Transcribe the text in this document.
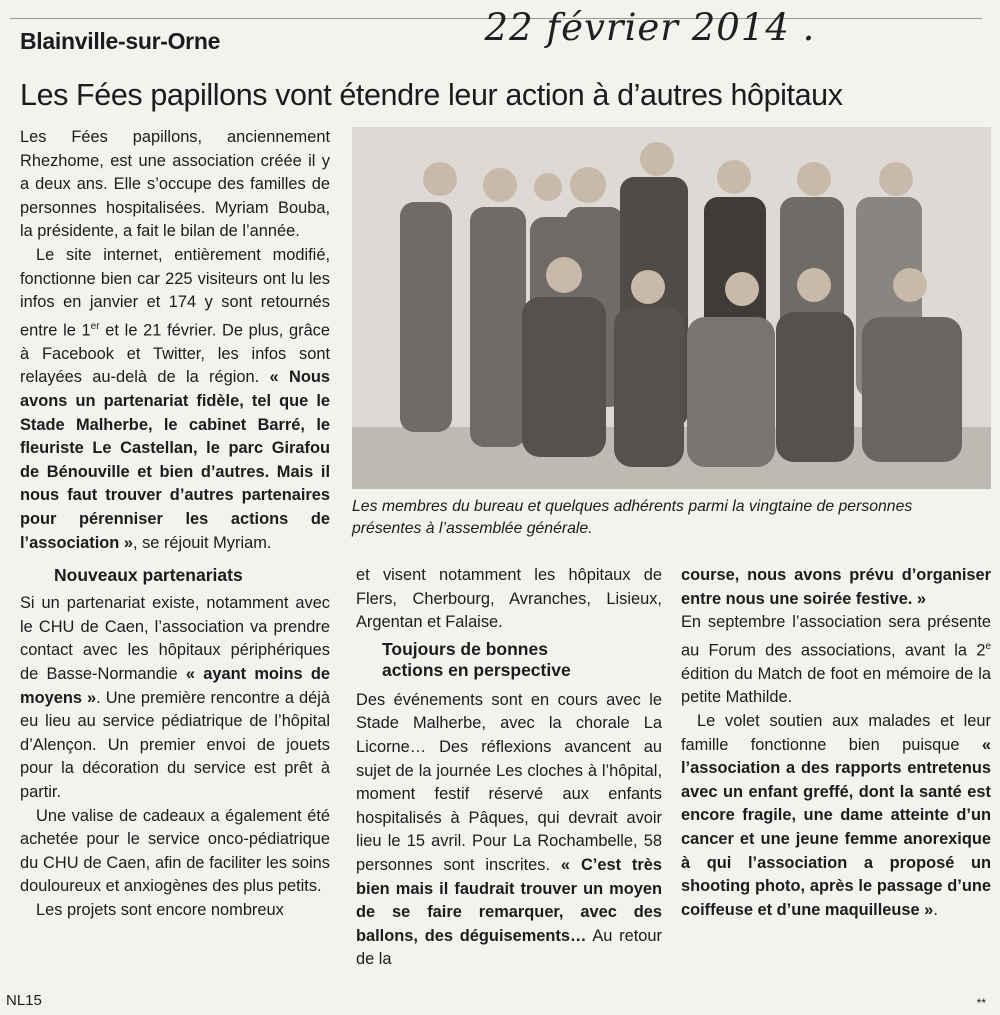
Blainville-sur-Orne	22 février 2014 .
Les Fées papillons vont étendre leur action à d’autres hôpitaux

Les Fées papillons, anciennement Rhezhome, est une association créée il y a deux ans. Elle s’occupe des familles de personnes hospitalisées. Myriam Bouba, la présidente, a fait le bilan de l’année.

Le site internet, entièrement modifié, fonctionne bien car 225 visiteurs ont lu les infos en janvier et 174 y sont retournés entre le 1er et le 21 février. De plus, grâce à Facebook et Twitter, les infos sont relayées au-delà de la région. « Nous avons un partenariat fidèle, tel que le Stade Malherbe, le cabinet Barré, le fleuriste Le Castellan, le parc Girafou de Bénouville et bien d’autres. Mais il nous faut trouver d’autres partenaires pour pérenniser les actions de l’association », se réjouit Myriam.

Nouveaux partenariats

Si un partenariat existe, notamment avec le CHU de Caen, l’association va prendre contact avec les hôpitaux périphériques de Basse-Normandie « ayant moins de moyens ». Une première rencontre a déjà eu lieu au service pédiatrique de l’hôpital d’Alençon. Un premier envoi de jouets pour la décoration du service est prêt à partir.

Une valise de cadeaux a également été achetée pour le service onco-pédiatrique du CHU de Caen, afin de faciliter les soins douloureux et anxiogènes des plus petits.

Les projets sont encore nombreux

Les membres du bureau et quelques adhérents parmi la vingtaine de personnes

présentes à l’assemblée générale.

et visent notamment les hôpitaux de Flers, Cherbourg, Avranches, Lisieux, Argentan et Falaise.

Toujours de bonnes
actions en perspective

Des événements sont en cours avec le Stade Malherbe, avec la chorale La Licorne… Des réflexions avancent au sujet de la journée Les cloches à l’hôpital, moment festif réservé aux enfants hospitalisés à Pâques, qui devrait avoir lieu le 15 avril. Pour La Rochambelle, 58 personnes sont inscrites. « C’est très bien mais il faudrait trouver un moyen de se faire remarquer, avec des ballons, des déguisements… Au retour de la

course, nous avons prévu d’organiser entre nous une soirée festive. »

En septembre l’association sera présente au Forum des associations, avant la 2e édition du Match de foot en mémoire de la petite Mathilde.

Le volet soutien aux malades et leur famille fonctionne bien puisque « l’association a des rapports entretenus avec un enfant greffé, dont la santé est encore fragile, une dame atteinte d’un cancer et une jeune femme anorexique à qui l’association a proposé un shooting photo, après le passage d’une coiffeuse et d’une maquilleuse ».

NL15	**
